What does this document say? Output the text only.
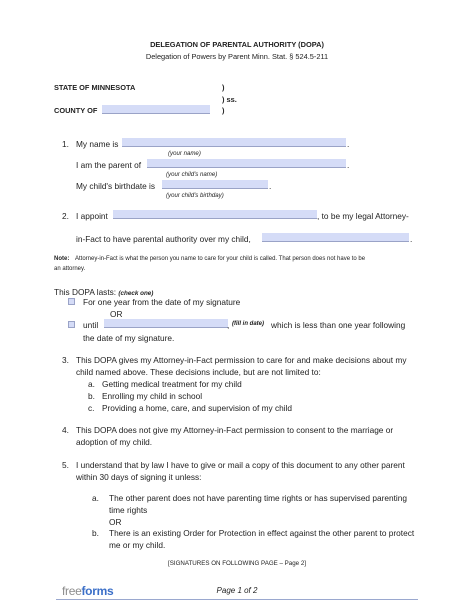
DELEGATION OF PARENTAL AUTHORITY (DOPA)
Delegation of Powers by Parent Minn. Stat. § 524.5-211
STATE OF MINNESOTA	)
) ss.
COUNTY OF	)
1. My name is	.
(your name)
I am the parent of	.
(your child's name)
My child's birthdate is	.
(your child's birthday)
2. I appoint	, to be my legal Attorney-
in-Fact to have parental authority over my child,	.
Note: Attorney-in-Fact is what the person you name to care for your child is called. That person does not have to be
an attorney.
This DOPA lasts: (check one)
For one year from the date of my signature
OR
until	, (fill in date) which is less than one year following
the date of my signature.
3. This DOPA gives my Attorney-in-Fact permission to care for and make decisions about my
child named above. These decisions include, but are not limited to:
a. Getting medical treatment for my child
b. Enrolling my child in school
c. Providing a home, care, and supervision of my child
4. This DOPA does not give my Attorney-in-Fact permission to consent to the marriage or
adoption of my child.
5. I understand that by law I have to give or mail a copy of this document to any other parent
within 30 days of signing it unless:
a. The other parent does not have parenting time rights or has supervised parenting
time rights
OR
b. There is an existing Order for Protection in effect against the other parent to protect
me or my child.
[SIGNATURES ON FOLLOWING PAGE – Page 2]
freeforms	Page 1 of 2
